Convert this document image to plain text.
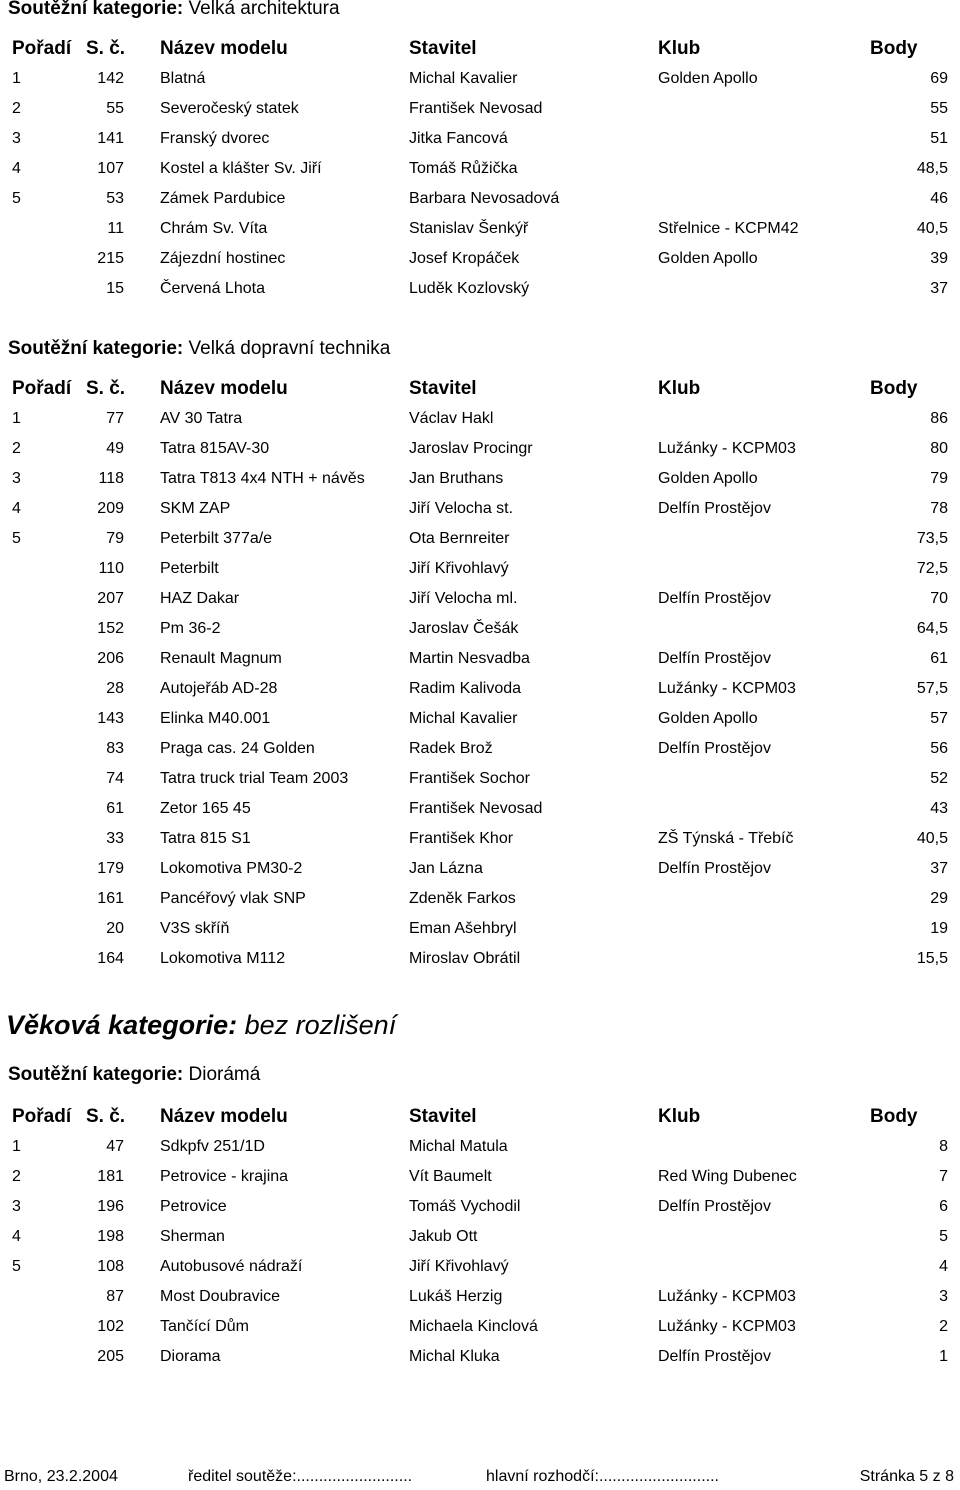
Soutěžní kategorie: Velká architektura
Pořadí	S. č.	Název modelu	Stavitel	Klub	Body
1	142	Blatná	Michal Kavalier	Golden Apollo	69
2	55	Severočeský statek	František Nevosad		55
3	141	Franský dvorec	Jitka Fancová		51
4	107	Kostel a klášter Sv. Jiří	Tomáš Růžička		48,5
5	53	Zámek Pardubice	Barbara Nevosadová		46
	11	Chrám Sv. Víta	Stanislav Šenkýř	Střelnice - KCPM42	40,5
	215	Zájezdní hostinec	Josef Kropáček	Golden Apollo	39
	15	Červená Lhota	Luděk Kozlovský		37
Soutěžní kategorie: Velká dopravní technika
Pořadí	S. č.	Název modelu	Stavitel	Klub	Body
1	77	AV 30 Tatra	Václav Hakl		86
2	49	Tatra 815AV-30	Jaroslav Procingr	Lužánky - KCPM03	80
3	118	Tatra T813 4x4 NTH + návěs	Jan Bruthans	Golden Apollo	79
4	209	SKM ZAP	Jiří Velocha st.	Delfín Prostějov	78
5	79	Peterbilt 377a/e	Ota Bernreiter		73,5
	110	Peterbilt	Jiří Křivohlavý		72,5
	207	HAZ Dakar	Jiří Velocha ml.	Delfín Prostějov	70
	152	Pm 36-2	Jaroslav Češák		64,5
	206	Renault Magnum	Martin Nesvadba	Delfín Prostějov	61
	28	Autojeřáb AD-28	Radim Kalivoda	Lužánky - KCPM03	57,5
	143	Elinka M40.001	Michal Kavalier	Golden Apollo	57
	83	Praga cas. 24 Golden	Radek Brož	Delfín Prostějov	56
	74	Tatra truck trial Team 2003	František Sochor		52
	61	Zetor 165 45	František Nevosad		43
	33	Tatra 815 S1	František Khor	ZŠ Týnská - Třebíč	40,5
	179	Lokomotiva PM30-2	Jan Lázna	Delfín Prostějov	37
	161	Pancéřový vlak SNP	Zdeněk Farkos		29
	20	V3S skříň	Eman Ašehbryl		19
	164	Lokomotiva M112	Miroslav Obrátil		15,5
Věková kategorie: bez rozlišení
Soutěžní kategorie: Diorámá
Pořadí	S. č.	Název modelu	Stavitel	Klub	Body
1	47	Sdkpfv 251/1D	Michal Matula		8
2	181	Petrovice - krajina	Vít Baumelt	Red Wing Dubenec	7
3	196	Petrovice	Tomáš Vychodil	Delfín Prostějov	6
4	198	Sherman	Jakub Ott		5
5	108	Autobusové nádraží	Jiří Křivohlavý		4
	87	Most Doubravice	Lukáš Herzig	Lužánky - KCPM03	3
	102	Tančící Dům	Michaela Kinclová	Lužánky - KCPM03	2
	205	Diorama	Michal Kluka	Delfín Prostějov	1
Brno, 23.2.2004	ředitel soutěže:..........................	hlavní rozhodčí:...........................	Stránka 5 z 8
